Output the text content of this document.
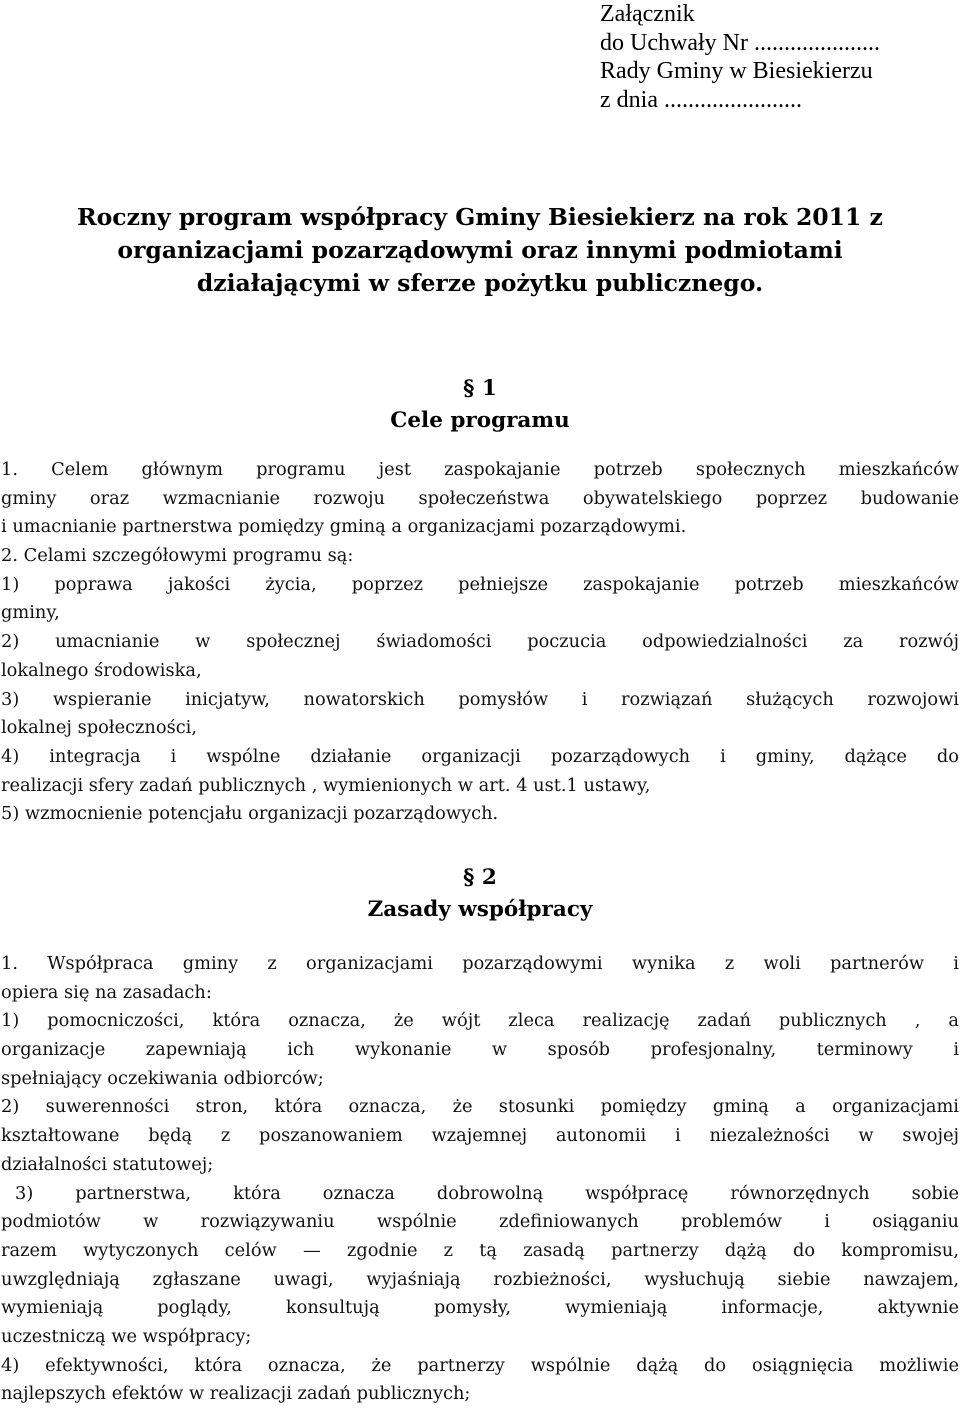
Załącznik
do Uchwały Nr .....................
Rady Gminy w Biesiekierzu
z dnia .......................
Roczny program współpracy Gminy Biesiekierz na rok 2011 z
organizacjami pozarządowymi oraz innymi podmiotami
działającymi w sferze pożytku publicznego.
§ 1
Cele programu
1. Celem głównym programu jest zaspokajanie potrzeb społecznych mieszkańców
gminy oraz wzmacnianie rozwoju społeczeństwa obywatelskiego poprzez budowanie
i umacnianie partnerstwa pomiędzy gminą a organizacjami pozarządowymi.
2. Celami szczegółowymi programu są:
1) poprawa jakości życia, poprzez pełniejsze zaspokajanie potrzeb mieszkańców
gminy,
2) umacnianie w społecznej świadomości poczucia odpowiedzialności za rozwój
lokalnego środowiska,
3) wspieranie inicjatyw, nowatorskich pomysłów i rozwiązań służących rozwojowi
lokalnej społeczności,
4) integracja i wspólne działanie organizacji pozarządowych i gminy, dążące do
realizacji sfery zadań publicznych , wymienionych w art. 4 ust.1 ustawy,
5) wzmocnienie potencjału organizacji pozarządowych.
§ 2
Zasady współpracy
1. Współpraca gminy z organizacjami pozarządowymi wynika z woli partnerów i
opiera się na zasadach:
1) pomocniczości, która oznacza, że wójt zleca realizację zadań publicznych , a
organizacje zapewniają ich wykonanie w sposób profesjonalny, terminowy i
spełniający oczekiwania odbiorców;
2) suwerenności stron, która oznacza, że stosunki pomiędzy gminą a organizacjami
kształtowane będą z poszanowaniem wzajemnej autonomii i niezależności w swojej
działalności statutowej;
3) partnerstwa, która oznacza dobrowolną współpracę równorzędnych sobie
podmiotów w rozwiązywaniu wspólnie zdefiniowanych problemów i osiąganiu
razem wytyczonych celów — zgodnie z tą zasadą partnerzy dążą do kompromisu,
uwzględniają zgłaszane uwagi, wyjaśniają rozbieżności, wysłuchują siebie nawzajem,
wymieniają poglądy, konsultują pomysły, wymieniają informacje, aktywnie
uczestniczą we współpracy;
4) efektywności, która oznacza, że partnerzy wspólnie dążą do osiągnięcia możliwie
najlepszych efektów w realizacji zadań publicznych;
